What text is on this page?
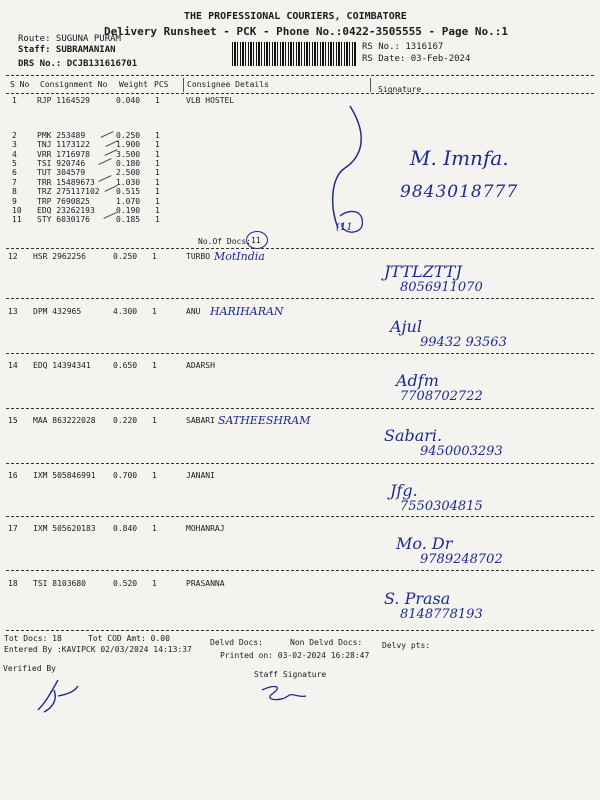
THE PROFESSIONAL COURIERS, COIMBATORE
Delivery Runsheet - PCK - Phone No.:0422-3505555 - Page No.:1
Route: SUGUNA PURAM
Staff: SUBRAMANIAN
DRS No.: DCJB131616701
RS No.: 1316167
RS Date: 03-Feb-2024
S No Consignment No Weight PCS Consignee Details
Signature
1	RJP 1164529	0.040 1	VLB HOSTEL
2	PMK 253489	0.250 1
3	TNJ 1173122	1.900 1
4	VRR 1716978	3.500 1
5	TSI 920746	0.180 1
6	TUT 304579	2.500 1
7	TRR 15489673	1.030 1
8	TRZ 275117102 0.515 1
9	TRP 7690825	1.070 1
10 EDQ 23262193	0.190 1
11 STY 6030176	0.185 1
(11
No.Of Docs: 11
M. Imnfa.
9843018777
12 HSR 2962256	0.250 1	TURBO MotIndia
JTTLZTTJ
8056911070
13 DPM 432965	4.300 1	ANU HARIHARAN
Ajul
99432 93563
14 EDQ 14394341	0.650 1	ADARSH
Adfm
7708702722
15 MAA 863222028 0.220 1	SABARI SATHEESHRAM
Sabari.
9450003293
16 IXM 505846991 0.700 1	JANANI
Jfg.
7550304815
17 IXM 505620183 0.840 1	MOHANRAJ
Mo. Dr
9789248702
18 TSI 8103680	0.520 1	PRASANNA
S. Prasa
8148778193
Tot Docs: 18	Tot COD Amt: 0.00	Delvd Docs:	Non Delvd Docs: Delvy pts:
Entered By :KAVIPCK 02/03/2024 14:13:37
Printed on: 03-02-2024 16:28:47
Verified By
Staff Signature
